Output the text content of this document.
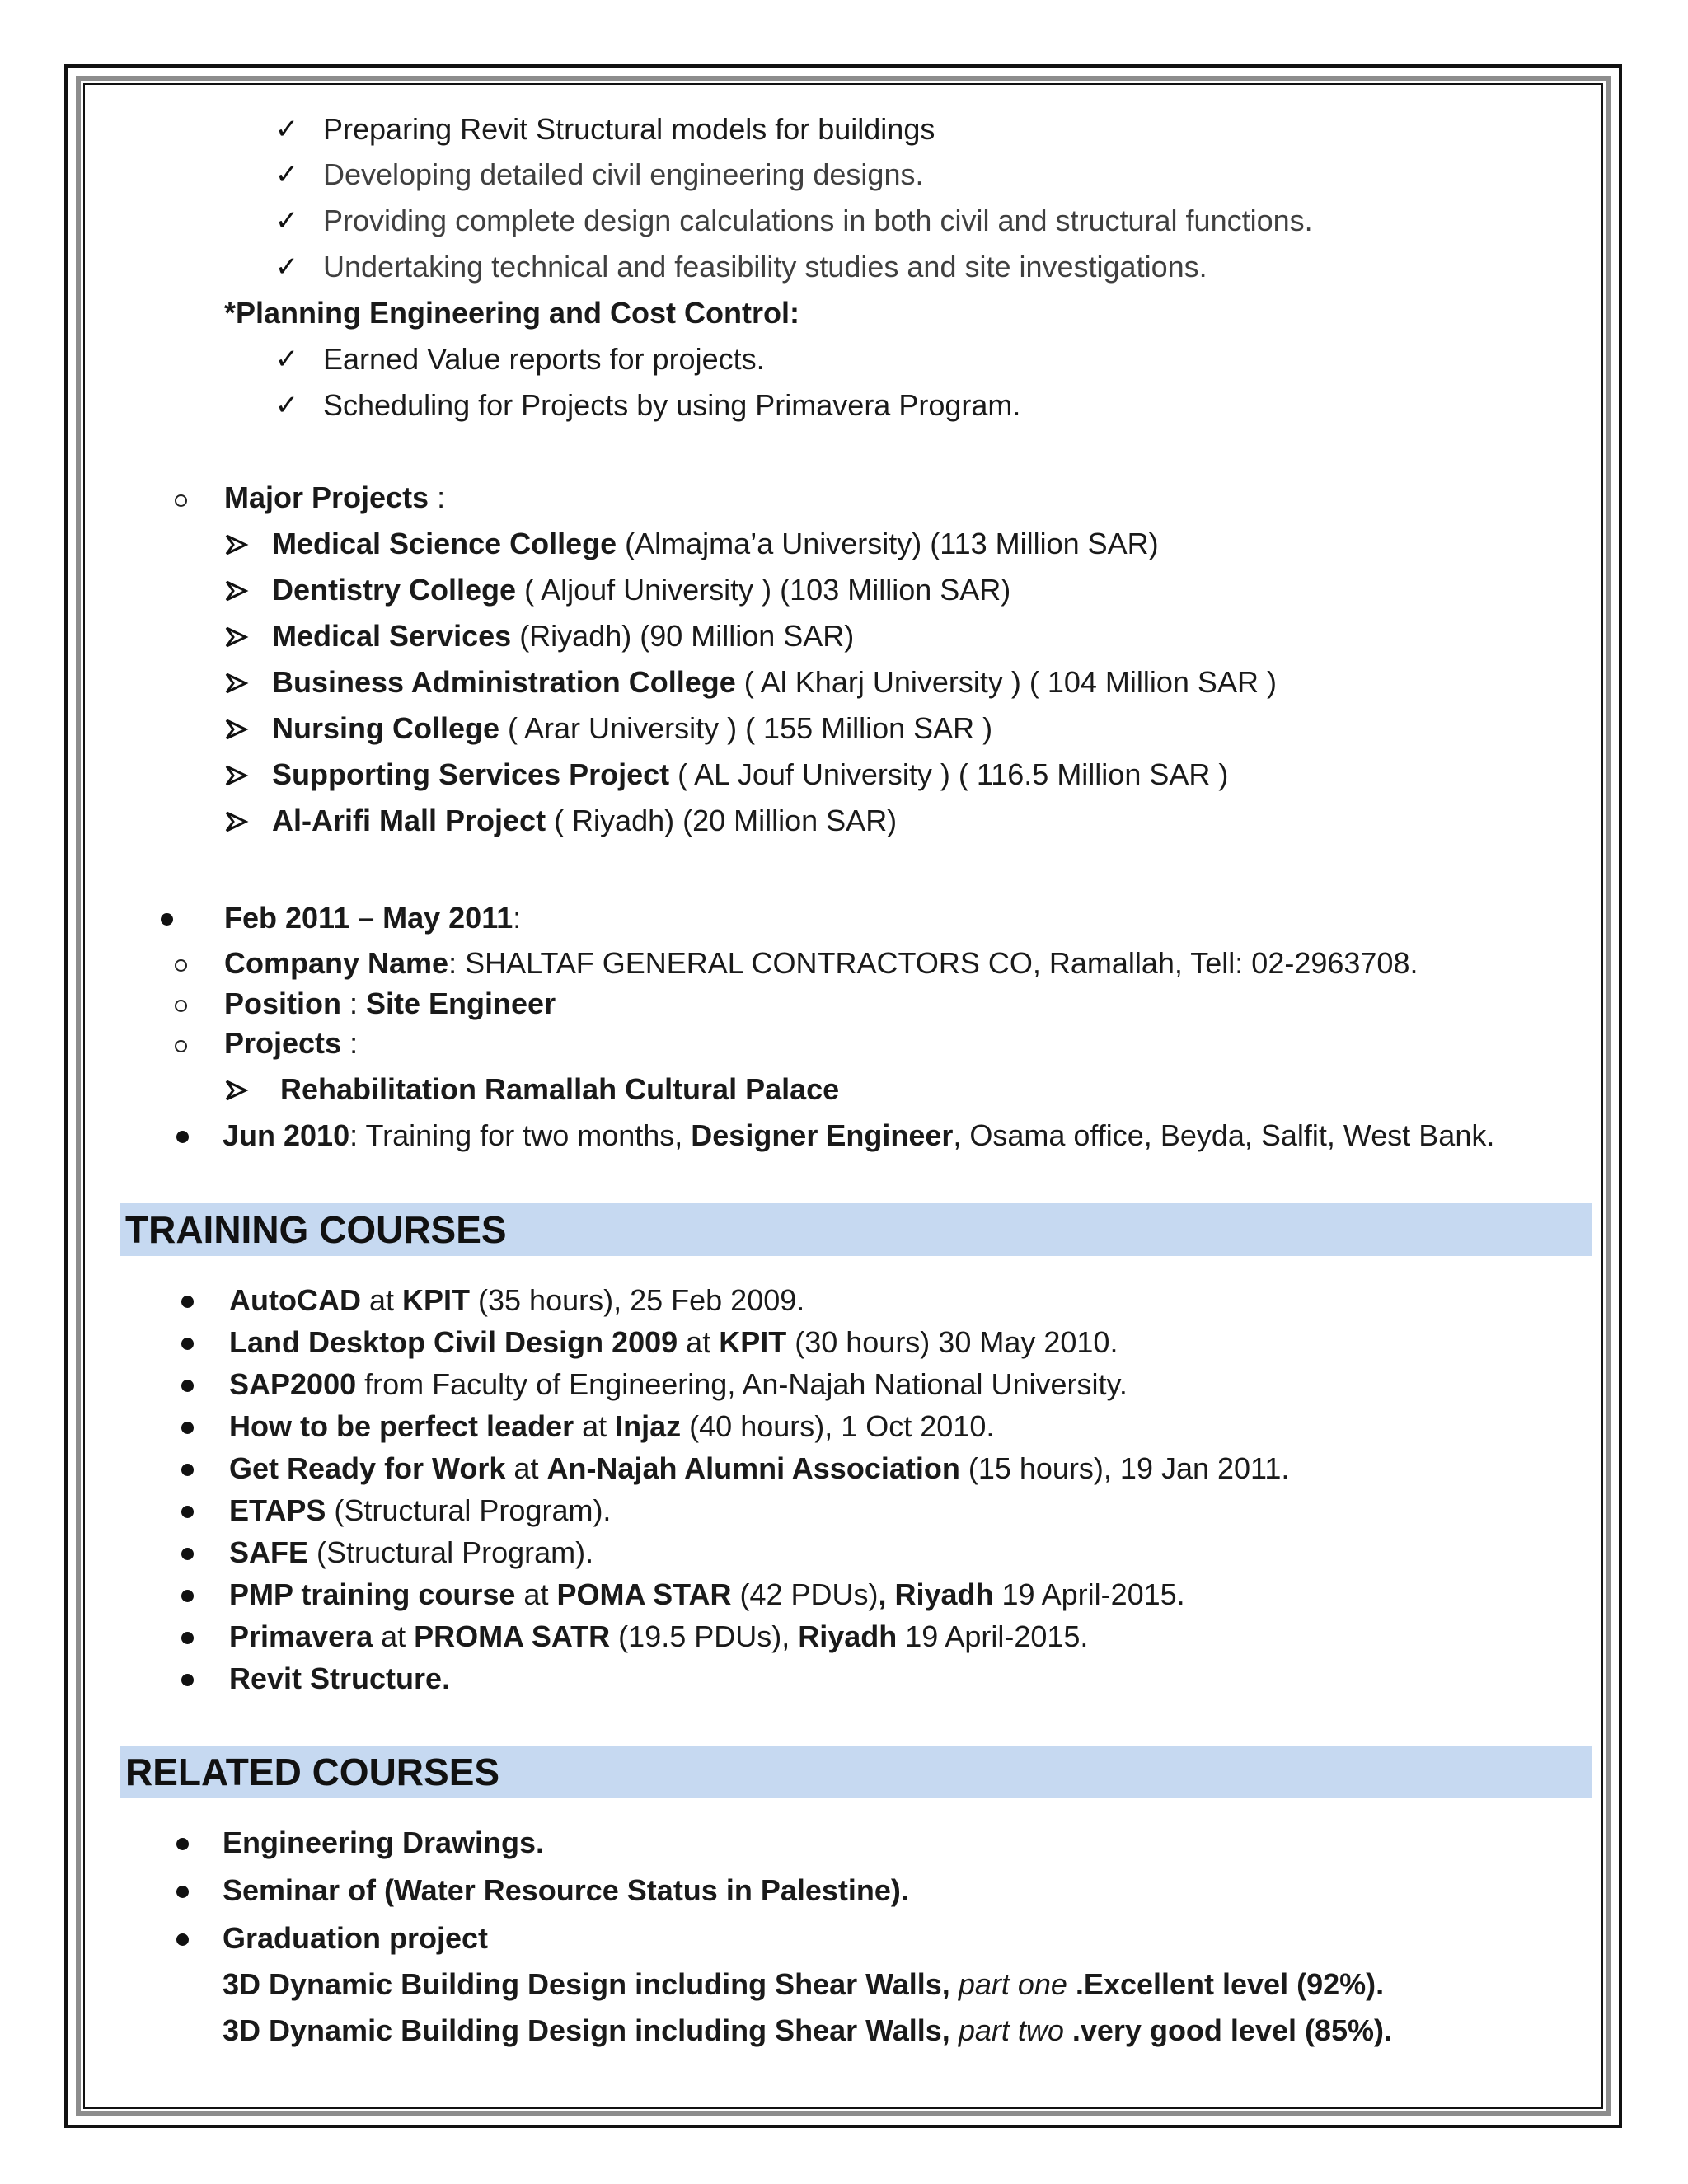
✓ Preparing Revit Structural models for buildings
✓ Developing detailed civil engineering designs.
✓ Providing complete design calculations in both civil and structural functions.
✓ Undertaking technical and feasibility studies and site investigations.
*Planning Engineering and Cost Control:
✓ Earned Value reports for projects.
✓ Scheduling for Projects by using Primavera Program.
Major Projects :
Medical Science College (Almajma’a University) (113 Million SAR)
Dentistry College ( Aljouf University ) (103 Million SAR)
Medical Services (Riyadh) (90 Million SAR)
Business Administration College ( Al Kharj University ) ( 104 Million SAR )
Nursing College ( Arar University ) ( 155 Million SAR )
Supporting Services Project ( AL Jouf University ) ( 116.5 Million SAR )
Al-Arifi Mall Project ( Riyadh) (20 Million SAR)
Feb 2011 – May 2011:
Company Name: SHALTAF GENERAL CONTRACTORS CO, Ramallah, Tell: 02-2963708.
Position : Site Engineer
Projects :
Rehabilitation Ramallah Cultural Palace
Jun 2010: Training for two months, Designer Engineer, Osama office, Beyda, Salfit, West Bank.
TRAINING COURSES
AutoCAD at KPIT (35 hours), 25 Feb 2009.
Land Desktop Civil Design 2009 at KPIT (30 hours) 30 May 2010.
SAP2000 from Faculty of Engineering, An-Najah National University.
How to be perfect leader at Injaz (40 hours), 1 Oct 2010.
Get Ready for Work at An-Najah Alumni Association (15 hours), 19 Jan 2011.
ETAPS (Structural Program).
SAFE (Structural Program).
PMP training course at POMA STAR (42 PDUs), Riyadh 19 April-2015.
Primavera at PROMA SATR (19.5 PDUs), Riyadh 19 April-2015.
Revit Structure.
RELATED COURSES
Engineering Drawings.
Seminar of (Water Resource Status in Palestine).
Graduation project
3D Dynamic Building Design including Shear Walls, part one .Excellent level (92%).
3D Dynamic Building Design including Shear Walls, part two .very good level (85%).
